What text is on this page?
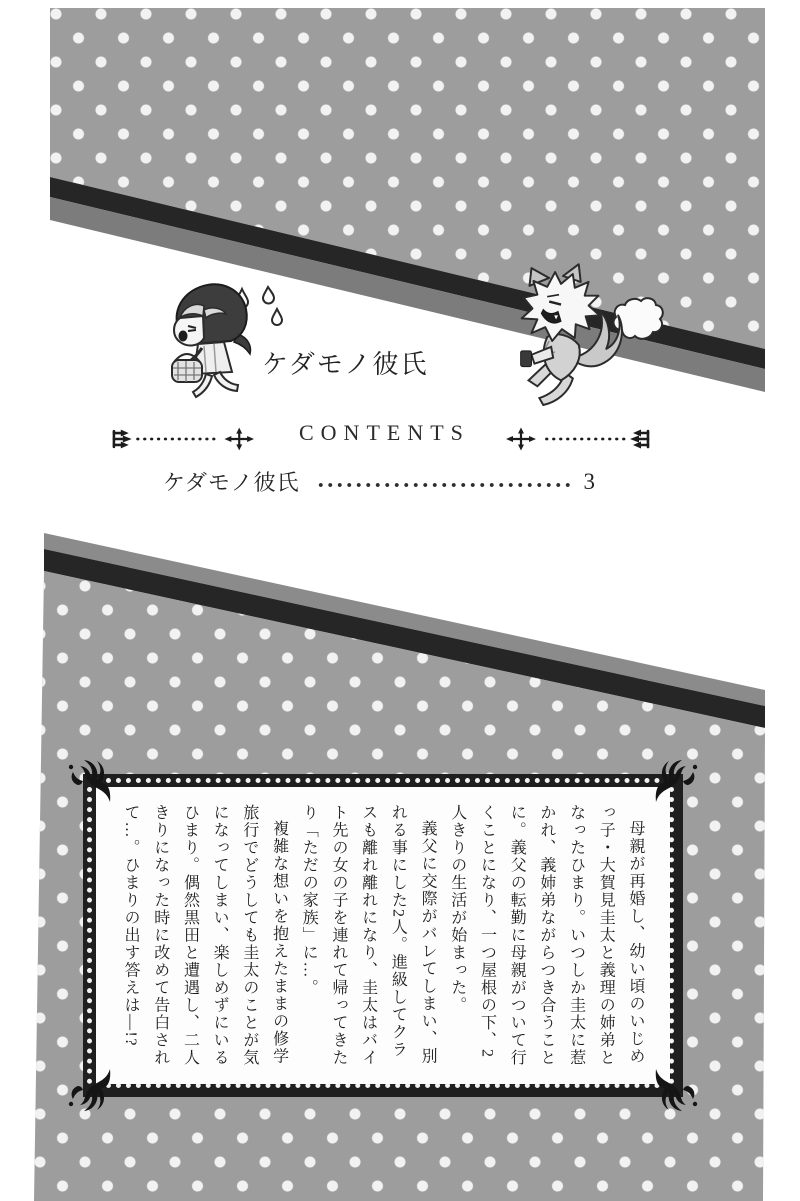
ケダモノ彼氏
CONTENTS
ケダモノ彼氏	3

母親が再婚し、幼い頃のいじめっ子・大賀見圭太と義理の姉弟となったひまり。いつしか圭太に惹かれ、義姉弟ながらつき合うことに。義父の転勤に母親がついて行くことになり、一つ屋根の下、2人きりの生活が始まった。

義父に交際がバレてしまい、別れる事にした2人。進級してクラスも離れ離れになり、圭太はバイト先の女の子を連れて帰ってきたり「ただの家族」に…。

複雑な想いを抱えたままの修学旅行でどうしても圭太のことが気になってしまい、楽しめずにいるひまり。偶然黒田と遭遇し、二人きりになった時に改めて告白されて…。ひまりの出す答えは―!?
